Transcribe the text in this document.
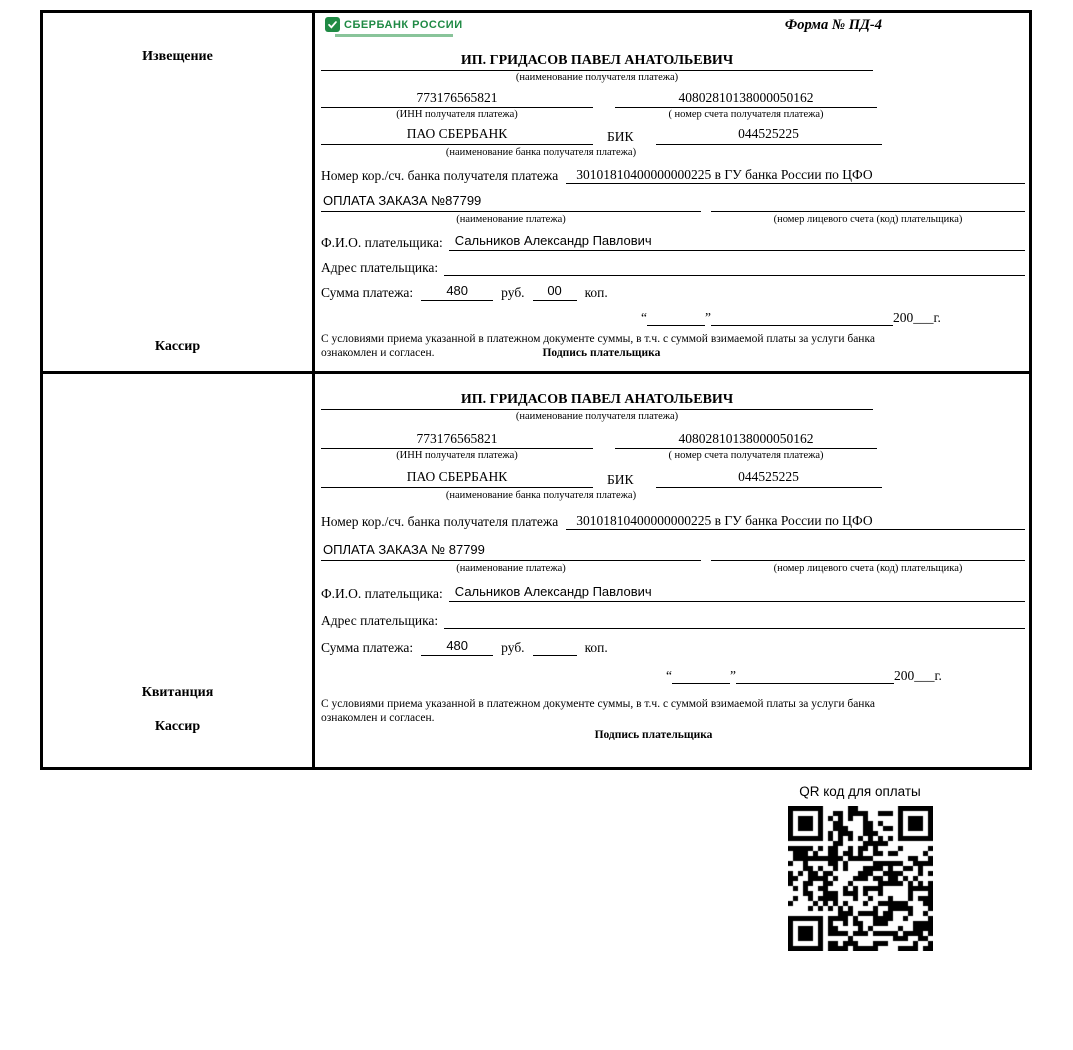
Извещение
Кассир
СБЕРБАНК РОССИИ	Форма № ПД-4
ИП. ГРИДАСОВ ПАВЕЛ АНАТОЛЬЕВИЧ
(наименование получателя платежа)
773176565821
(ИНН получателя платежа)
40802810138000050162
( номер счета получателя платежа)
ПАО СБЕРБАНК	БИК	044525225
(наименование банка получателя платежа)
Номер кор./сч. банка получателя платежа	30101810400000000225 в ГУ банка России по ЦФО
ОПЛАТА ЗАКАЗА №87799
(наименование платежа)	(номер лицевого счета (код) плательщика)
Ф.И.О. плательщика: Сальников Александр Павлович
Адрес плательщика:
Сумма платежа:	480	руб.	00	коп.
“	”	200___г.
С условиями приема указанной в платежном документе суммы, в т.ч. с суммой взимаемой платы за услуги банка
ознакомлен и согласен.	Подпись плательщика
Квитанция
Кассир
ИП. ГРИДАСОВ ПАВЕЛ АНАТОЛЬЕВИЧ
(наименование получателя платежа)
773176565821
(ИНН получателя платежа)
40802810138000050162
( номер счета получателя платежа)
ПАО СБЕРБАНК	БИК	044525225
(наименование банка получателя платежа)
Номер кор./сч. банка получателя платежа	30101810400000000225 в ГУ банка России по ЦФО
ОПЛАТА ЗАКАЗА № 87799
(наименование платежа)	(номер лицевого счета (код) плательщика)
Ф.И.О. плательщика: Сальников Александр Павлович
Адрес плательщика:
Сумма платежа:	480	руб.	коп.
“	”	200___г.
С условиями приема указанной в платежном документе суммы, в т.ч. с суммой взимаемой платы за услуги банка
ознакомлен и согласен.
Подпись плательщика
QR код для оплаты
